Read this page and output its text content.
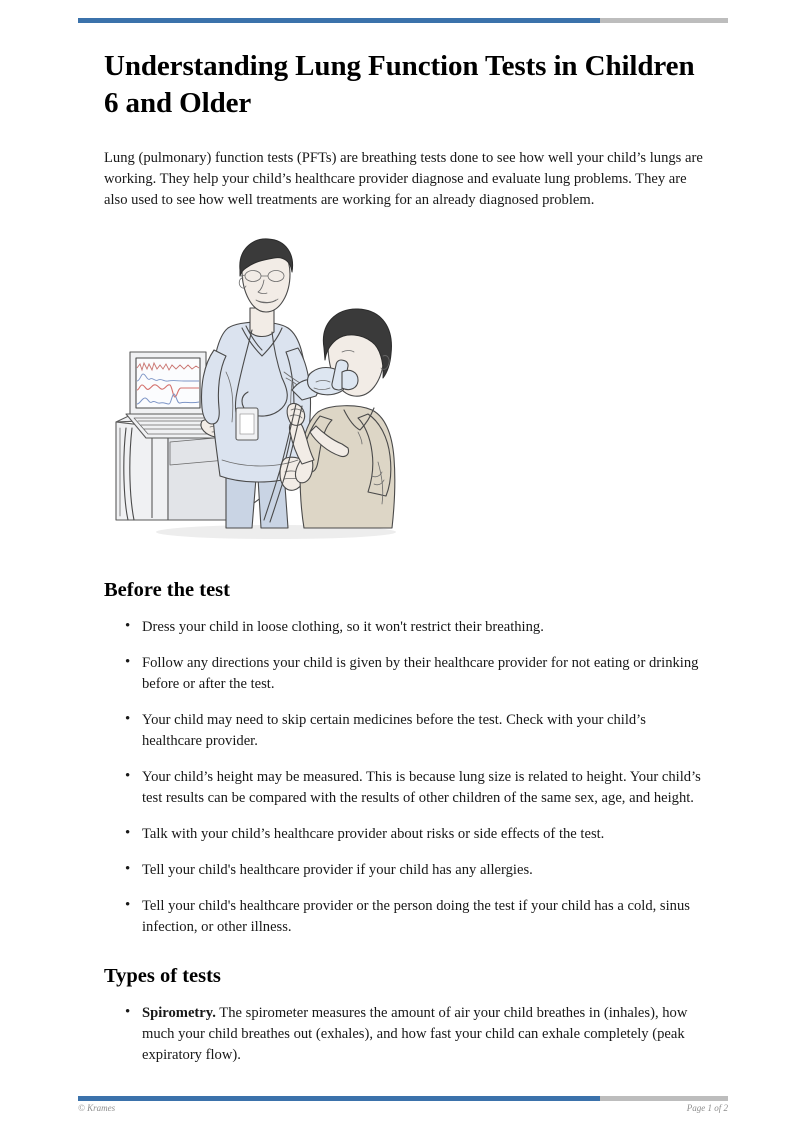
Understanding Lung Function Tests in Children 6 and Older

Lung (pulmonary) function tests (PFTs) are breathing tests done to see how well your child’s lungs are working. They help your child’s healthcare provider diagnose and evaluate lung problems. They are also used to see how well treatments are working for an already diagnosed problem.

Before the test
• Dress your child in loose clothing, so it won't restrict their breathing.
• Follow any directions your child is given by their healthcare provider for not eating or drinking before or after the test.
• Your child may need to skip certain medicines before the test. Check with your child’s healthcare provider.
• Your child’s height may be measured. This is because lung size is related to height. Your child’s test results can be compared with the results of other children of the same sex, age, and height.
• Talk with your child’s healthcare provider about risks or side effects of the test.
• Tell your child's healthcare provider if your child has any allergies.
• Tell your child's healthcare provider or the person doing the test if your child has a cold, sinus infection, or other illness.
Types of tests
• Spirometry. The spirometer measures the amount of air your child breathes in (inhales), how much your child breathes out (exhales), and how fast your child can exhale completely (peak expiratory flow).
© Krames	Page 1 of 2
